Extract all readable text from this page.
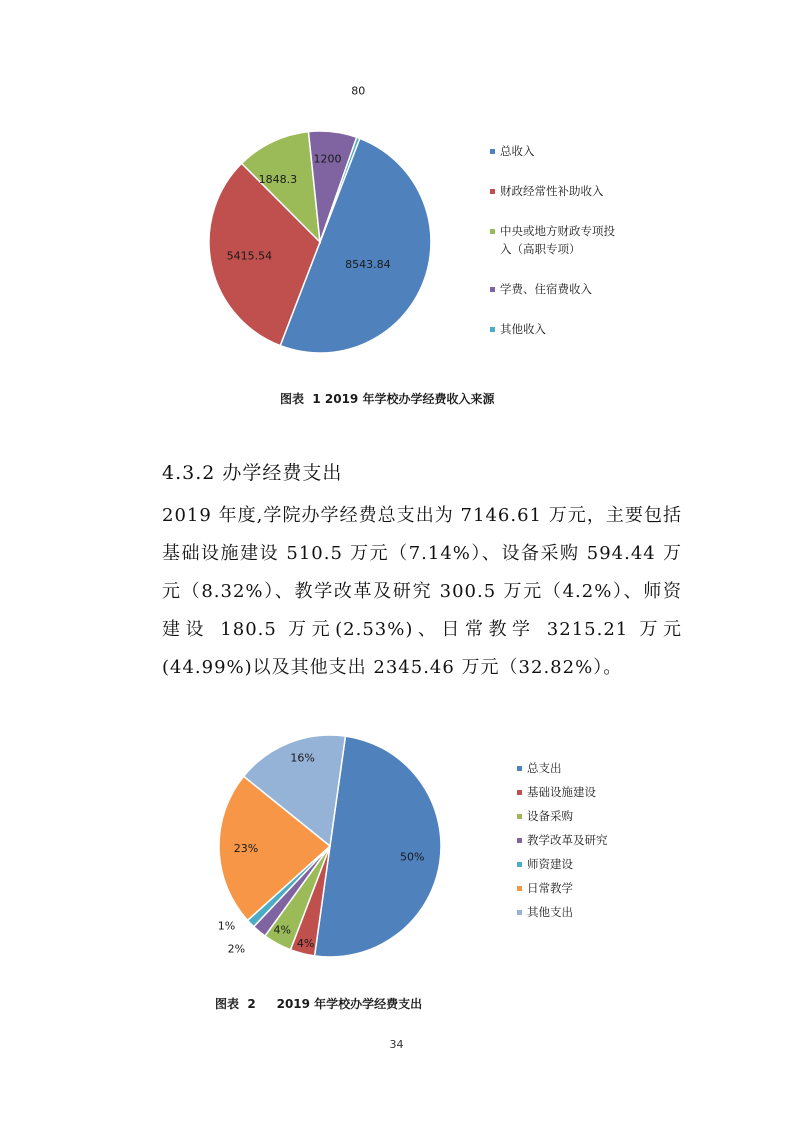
8543.84
5415.54
1848.3
1200
80
总收入
财政经常性补助收入
中央或地方财政专项投
入（高职专项）
学费、住宿费收入
其他收入
图表  1 2019 年学校办学经费收入来源
4.3.2 办学经费支出
2019 年度,学院办学经费总支出为 7146.61 万元，主要包括基础设施建设 510.5 万元（7.14%）、设备采购 594.44 万元（8.32%）、教学改革及研究 300.5 万元（4.2%）、师资建设 180.5 万元(2.53%)、日常教学 3215.21 万元(44.99%)以及其他支出 2345.46 万元（32.82%）。
50%
4%
4%
2%
1%
23%
16%
总支出
基础设施建设
设备采购
教学改革及研究
师资建设
日常教学
其他支出
图表  2     2019 年学校办学经费支出
34
